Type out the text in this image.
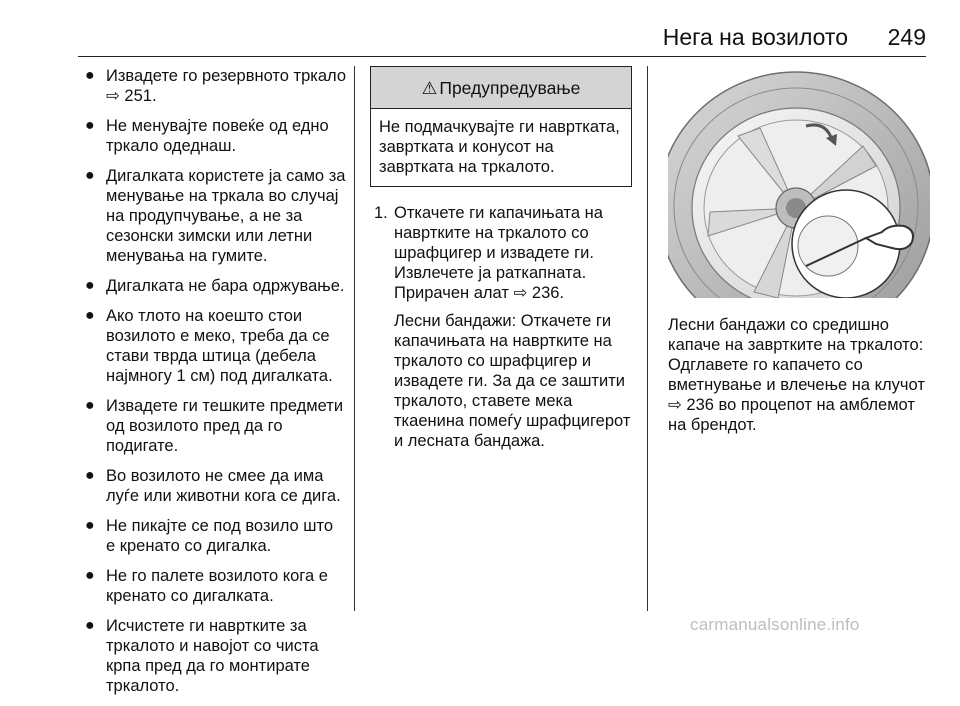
Нега на возилото 249
● Извадете го резервното тркало
⇨ 251.
● Не менувајте повеќе од едно тркало одеднаш.
● Дигалката користете ја само за менување на тркала во случај на продупчување, а не за сезонски зимски или летни менувања на гумите.
● Дигалката не бара одржување.
● Ако тлото на коешто стои возилото е меко, треба да се стави тврда штица (дебела најмногу 1 см) под дигалката.
● Извадете ги тешките предмети од возилото пред да го подигате.
● Во возилото не смее да има луѓе или животни кога се дига.
● Не пикајте се под возило што е кренато со дигалка.
● Не го палете возилото кога е кренато со дигалката.
● Исчистете ги навртките за тркалото и навојот со чиста крпа пред да го монтирате тркалото.
⚠ Предупредување
Не подмачкувајте ги навртката, завртката и конусот на завртката на тркалото.
1. Откачете ги капачињата на навртките на тркалото со шрафцигер и извадете ги. Извлечете ја раткапната. Прирачен алат ⇨ 236.

Лесни бандажи: Откачете ги капачињата на навртките на тркалото со шрафцигер и извадете ги. За да се заштити тркалото, ставете мека ткаенина помеѓу шрафцигерот и лесната бандажа.

Лесни бандажи со средишно капаче на завртките на тркалото: Одглавете го капачето со вметнување и влечење на клучот ⇨ 236 во процепот на амблемот на брендот.

carmanualsonline.info
